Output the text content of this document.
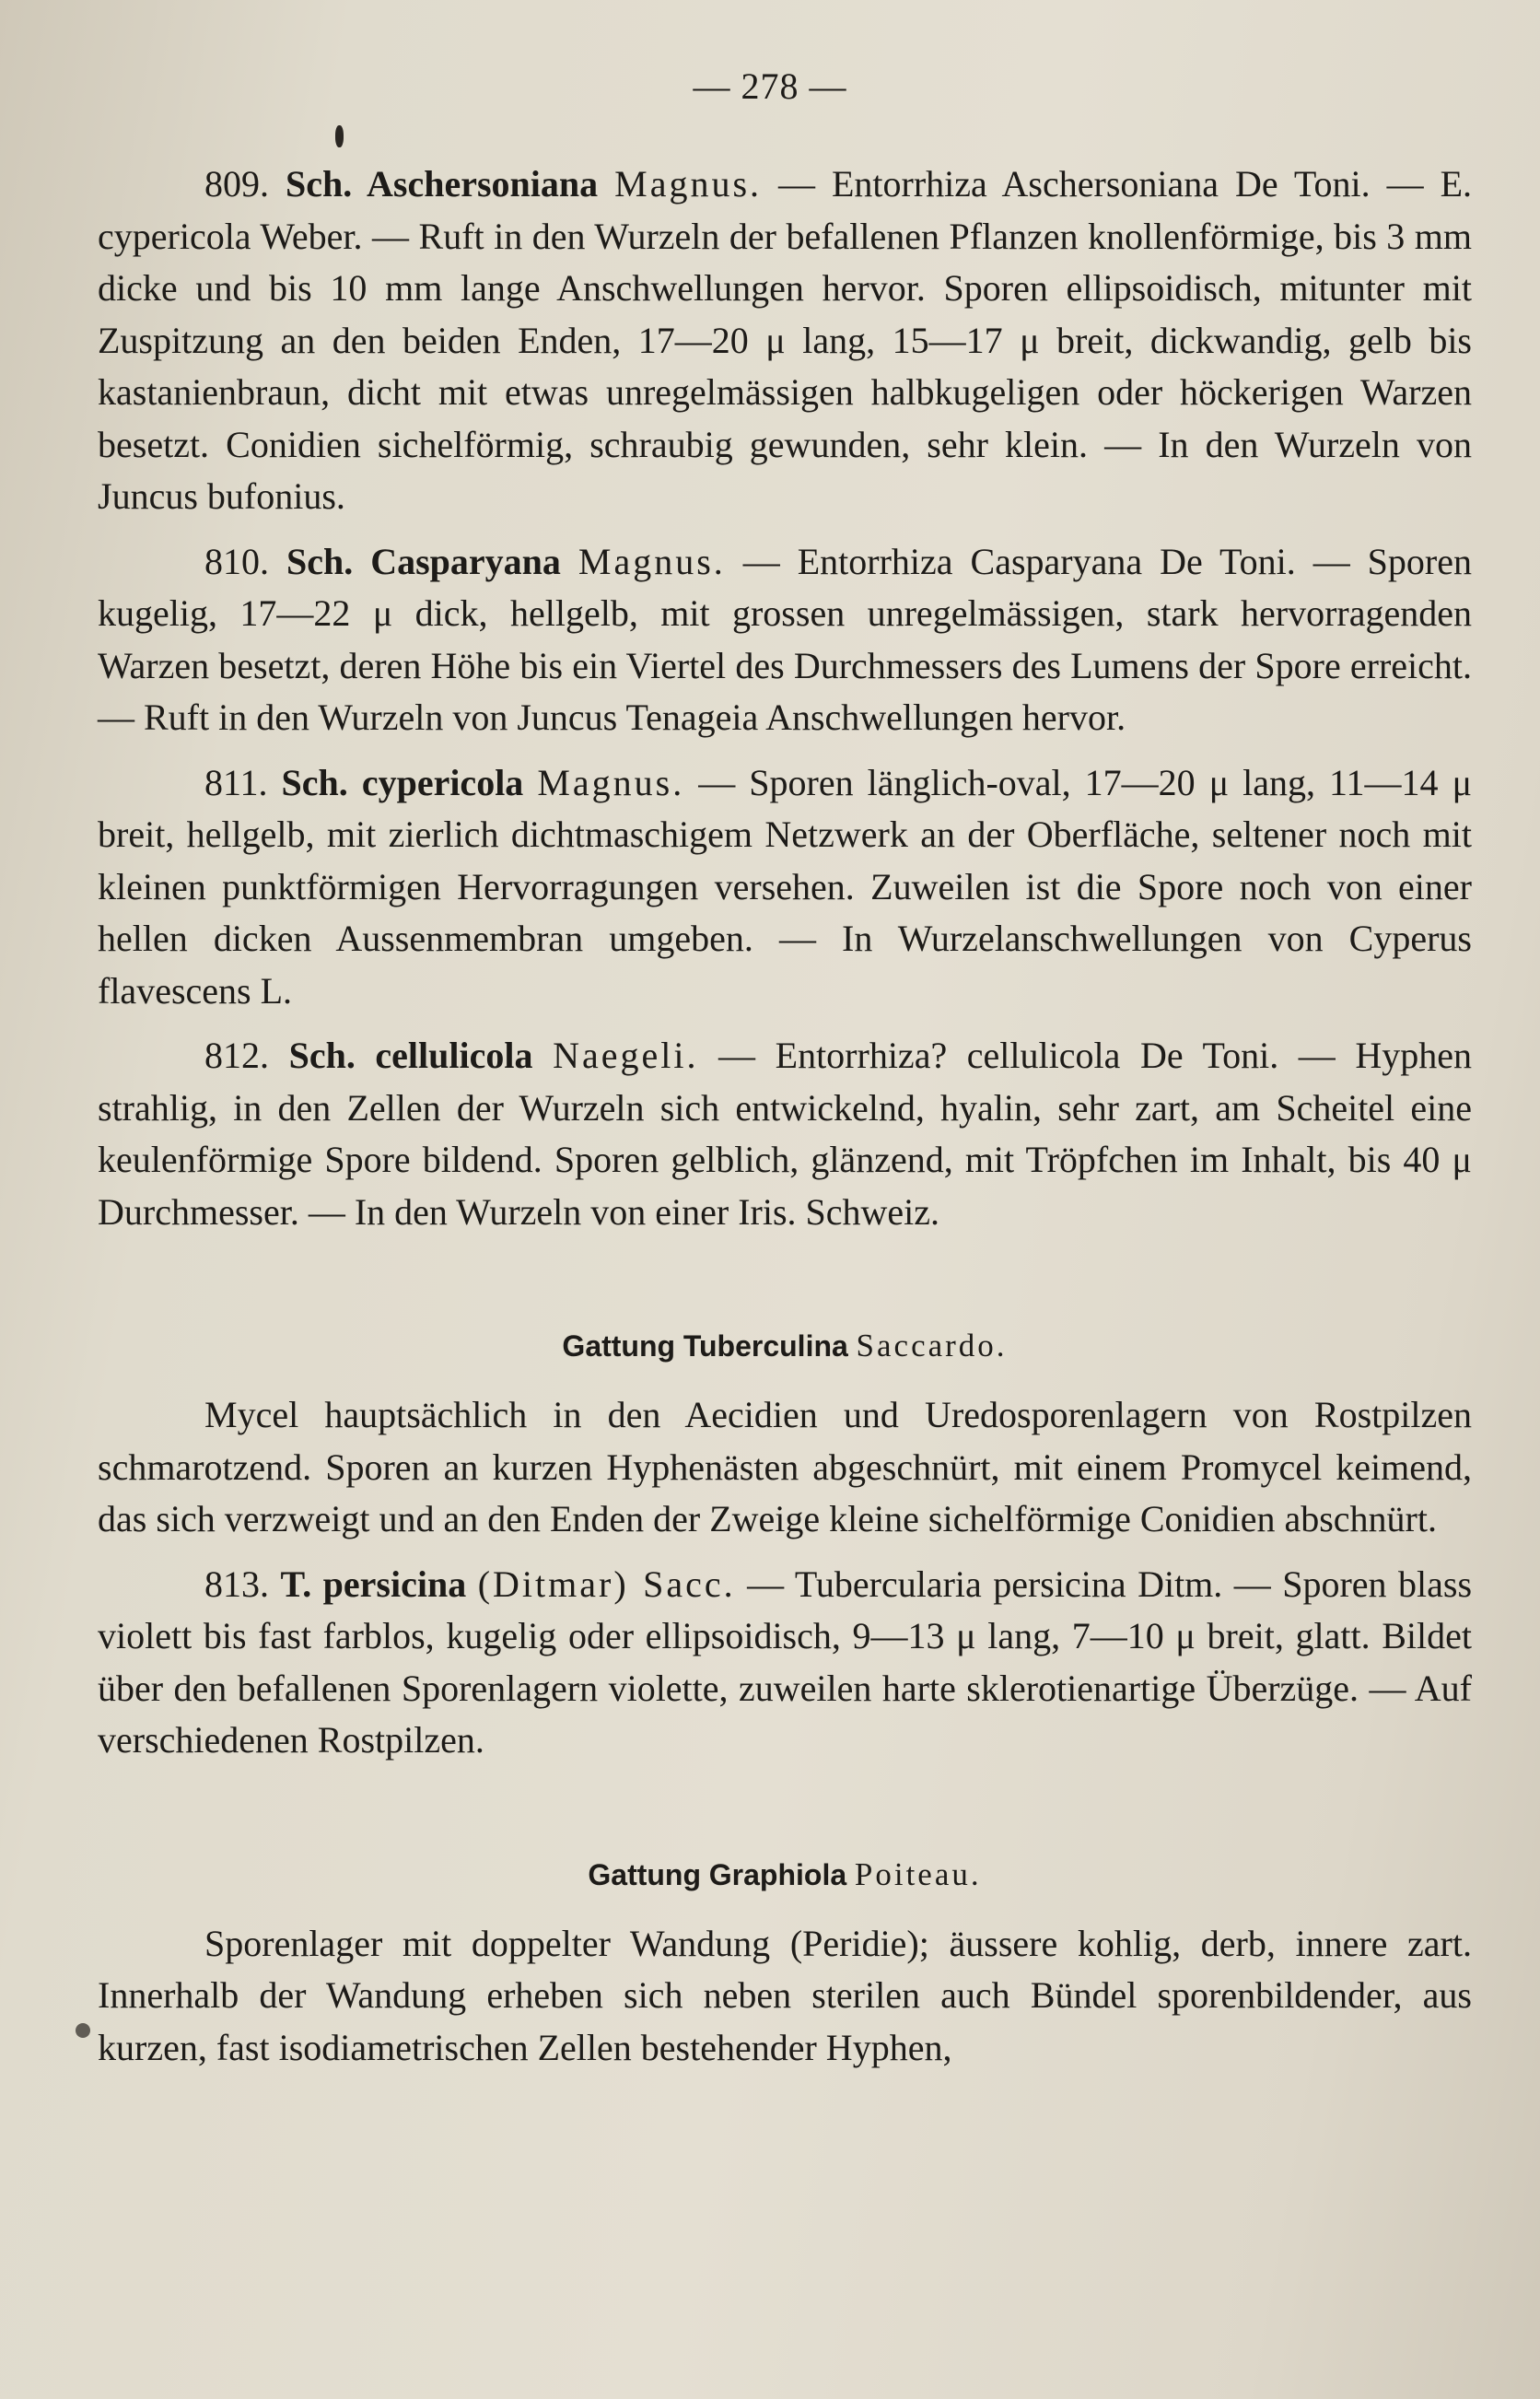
— 278 —

809. Sch. Aschersoniana Magnus. — Entorrhiza Aschersoniana De Toni. — E. cypericola Weber. — Ruft in den Wurzeln der befallenen Pflanzen knollenförmige, bis 3 mm dicke und bis 10 mm lange Anschwellungen hervor. Sporen ellipsoidisch, mitunter mit Zuspitzung an den beiden Enden, 17—20 μ lang, 15—17 μ breit, dickwandig, gelb bis kastanienbraun, dicht mit etwas unregelmässigen halbkugeligen oder höckerigen Warzen besetzt. Conidien sichelförmig, schraubig gewunden, sehr klein. — In den Wurzeln von Juncus bufonius.

810. Sch. Casparyana Magnus. — Entorrhiza Casparyana De Toni. — Sporen kugelig, 17—22 μ dick, hellgelb, mit grossen unregelmässigen, stark hervorragenden Warzen besetzt, deren Höhe bis ein Viertel des Durchmessers des Lumens der Spore erreicht. — Ruft in den Wurzeln von Juncus Tenageia Anschwellungen hervor.

811. Sch. cypericola Magnus. — Sporen länglich-oval, 17—20 μ lang, 11—14 μ breit, hellgelb, mit zierlich dichtmaschigem Netzwerk an der Oberfläche, seltener noch mit kleinen punktförmigen Hervorragungen versehen. Zuweilen ist die Spore noch von einer hellen dicken Aussenmembran umgeben. — In Wurzelanschwellungen von Cyperus flavescens L.

812. Sch. cellulicola Naegeli. — Entorrhiza? cellulicola De Toni. — Hyphen strahlig, in den Zellen der Wurzeln sich entwickelnd, hyalin, sehr zart, am Scheitel eine keulenförmige Spore bildend. Sporen gelblich, glänzend, mit Tröpfchen im Inhalt, bis 40 μ Durchmesser. — In den Wurzeln von einer Iris. Schweiz.

Gattung Tuberculina Saccardo.

Mycel hauptsächlich in den Aecidien und Uredosporenlagern von Rostpilzen schmarotzend. Sporen an kurzen Hyphenästen abgeschnürt, mit einem Promycel keimend, das sich verzweigt und an den Enden der Zweige kleine sichelförmige Conidien abschnürt.

813. T. persicina (Ditmar) Sacc. — Tubercularia persicina Ditm. — Sporen blass violett bis fast farblos, kugelig oder ellipsoidisch, 9—13 μ lang, 7—10 μ breit, glatt. Bildet über den befallenen Sporenlagern violette, zuweilen harte sklerotienartige Überzüge. — Auf verschiedenen Rostpilzen.

Gattung Graphiola Poiteau.

Sporenlager mit doppelter Wandung (Peridie); äussere kohlig, derb, innere zart. Innerhalb der Wandung erheben sich neben sterilen auch Bündel sporenbildender, aus kurzen, fast isodiametrischen Zellen bestehender Hyphen,
